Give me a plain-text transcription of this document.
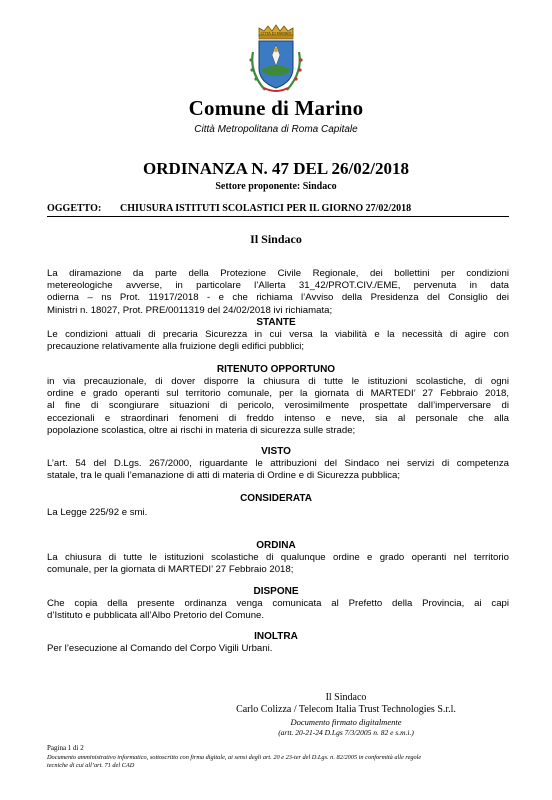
CITTÀ DI MARINO
Comune di Marino
Città Metropolitana di Roma Capitale
ORDINANZA N. 47 DEL 26/02/2018
Settore proponente: Sindaco
OGGETTO: CHIUSURA ISTITUTI SCOLASTICI PER IL GIORNO 27/02/2018
Il Sindaco
La diramazione da parte della Protezione Civile Regionale, dei bollettini per condizioni
metereologiche avverse, in particolare l’Allerta 31_42/PROT.CIV./EME, pervenuta in data
odierna – ns Prot. 11917/2018 - e che richiama l’Avviso della Presidenza del Consiglio dei
Ministri n. 18027, Prot. PRE/0011319 del 24/02/2018 ivi richiamata;
STANTE
Le condizioni attuali di precaria Sicurezza in cui versa la viabilità e la necessità di agire con
precauzione relativamente alla fruizione degli edifici pubblici;
RITENUTO OPPORTUNO
in via precauzionale, di dover disporre la chiusura di tutte le istituzioni scolastiche, di ogni
ordine e grado operanti sul territorio comunale, per la giornata di MARTEDI’ 27 Febbraio 2018,
al fine di scongiurare situazioni di pericolo, verosimilmente prospettate dall’imperversare di
eccezionali e straordinari fenomeni di freddo intenso e neve, sia al personale che alla
popolazione scolastica, oltre ai rischi in materia di sicurezza sulle strade;
VISTO
L’art. 54 del D.Lgs. 267/2000, riguardante le attribuzioni del Sindaco nei servizi di competenza
statale, tra le quali l’emanazione di atti di materia di Ordine e di Sicurezza pubblica;
CONSIDERATA
La Legge 225/92 e smi.
ORDINA
La chiusura di tutte le istituzioni scolastiche di qualunque ordine e grado operanti nel territorio
comunale, per la giornata di MARTEDI’ 27 Febbraio 2018;
DISPONE
Che copia della presente ordinanza venga comunicata al Prefetto della Provincia, ai capi
d’Istituto e pubblicata all’Albo Pretorio del Comune.
INOLTRA
Per l’esecuzione al Comando del Corpo Vigili Urbani.
Il Sindaco
Carlo Colizza / Telecom Italia Trust Technologies S.r.l.
Documento firmato digitalmente
(artt. 20-21-24 D.Lgs 7/3/2005 n. 82 e s.m.i.)
Pagina 1 di 2
Documento amministrativo informatico, sottoscritto con firma digitale, ai sensi degli art. 20 e 23-ter del D.Lgs. n. 82/2005 in conformità alle regole
tecniche di cui all’art. 71 del CAD
